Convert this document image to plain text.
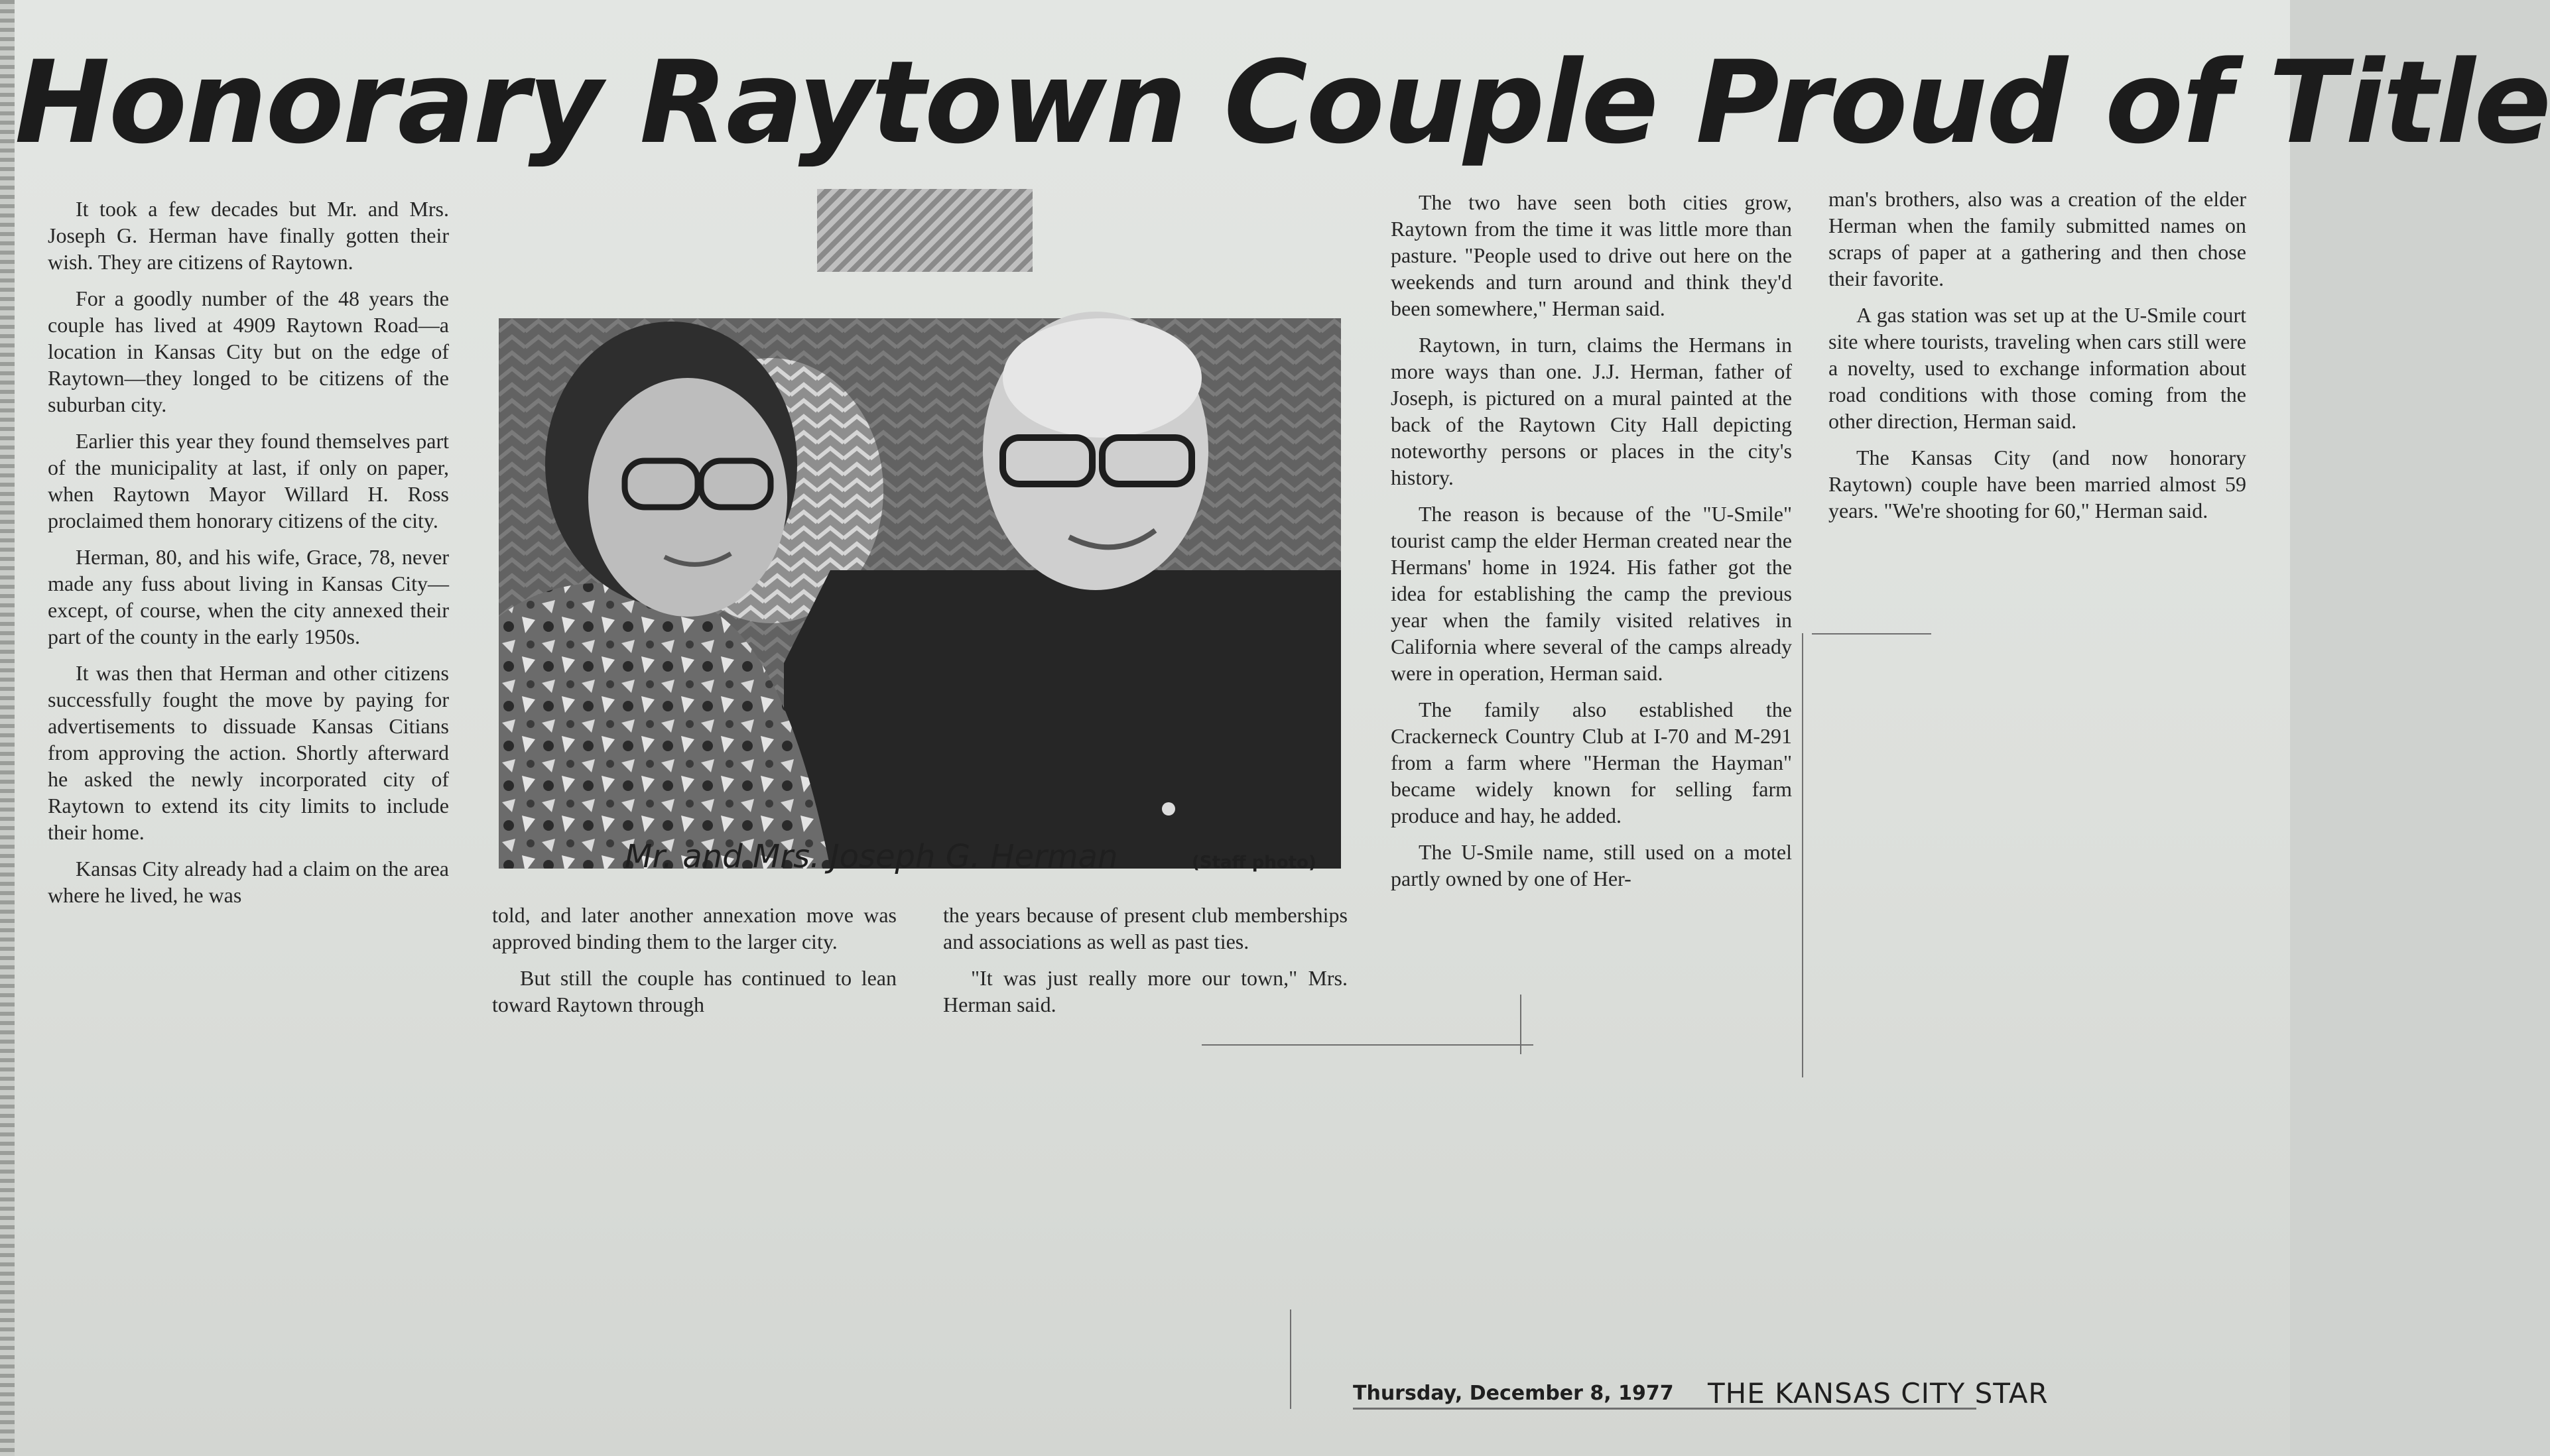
Honorary Raytown Couple Proud of Title
Mr. and Mrs. Joseph G. Herman	(Staff photo)

It took a few decades but Mr. and Mrs. Joseph G. Herman have finally gotten their wish. They are citizens of Raytown.

For a goodly number of the 48 years the couple has lived at 4909 Raytown Road—a location in Kansas City but on the edge of Raytown—they longed to be citizens of the suburban city.

Earlier this year they found themselves part of the municipality at last, if only on paper, when Raytown Mayor Willard H. Ross proclaimed them honorary citizens of the city.

Herman, 80, and his wife, Grace, 78, never made any fuss about living in Kansas City—except, of course, when the city annexed their part of the county in the early 1950s.

It was then that Herman and other citizens successfully fought the move by paying for advertisements to dissuade Kansas Citians from approving the action. Shortly afterward he asked the newly incorporated city of Raytown to extend its city limits to include their home.

Kansas City already had a claim on the area where he lived, he was

told, and later another annexation move was approved binding them to the larger city.

But still the couple has continued to lean toward Raytown through

the years because of present club memberships and associations as well as past ties.

"It was just really more our town," Mrs. Herman said.

The two have seen both cities grow, Raytown from the time it was little more than pasture. "People used to drive out here on the weekends and turn around and think they'd been somewhere," Herman said.

Raytown, in turn, claims the Hermans in more ways than one. J.J. Herman, father of Joseph, is pictured on a mural painted at the back of the Raytown City Hall depicting noteworthy persons or places in the city's history.

The reason is because of the "U-Smile" tourist camp the elder Herman created near the Hermans' home in 1924. His father got the idea for establishing the camp the previous year when the family visited relatives in California where several of the camps already were in operation, Herman said.

The family also established the Crackerneck Country Club at I-70 and M-291 from a farm where "Herman the Hayman" became widely known for selling farm produce and hay, he added.

The U-Smile name, still used on a motel partly owned by one of Her-

man's brothers, also was a creation of the elder Herman when the family submitted names on scraps of paper at a gathering and then chose their favorite.

A gas station was set up at the U-Smile court site where tourists, traveling when cars still were a novelty, used to exchange information about road conditions with those coming from the other direction, Herman said.

The Kansas City (and now honorary Raytown) couple have been married almost 59 years. "We're shooting for 60," Herman said.

Thursday, December 8, 1977 THE KANSAS CITY STAR
